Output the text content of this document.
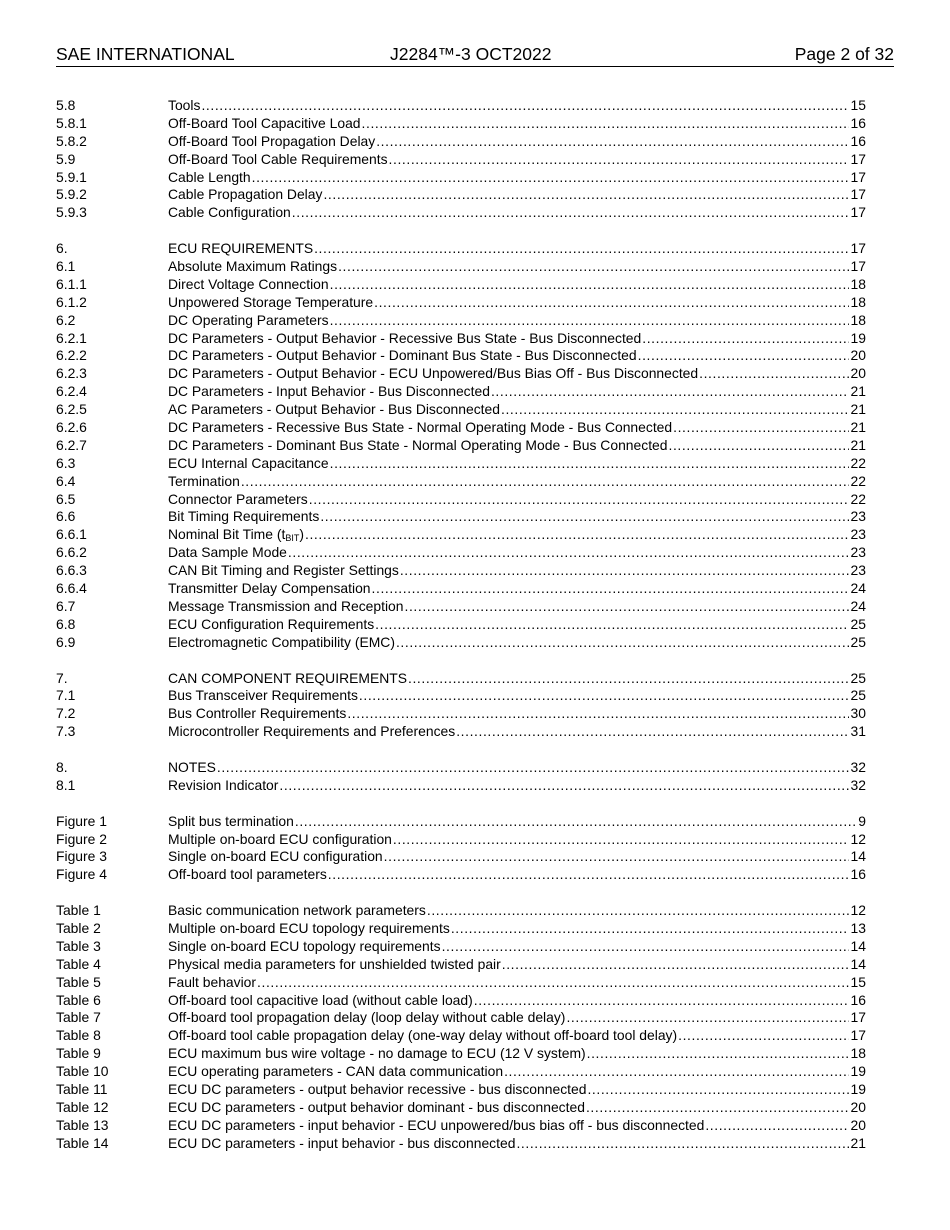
SAE INTERNATIONAL	J2284™-3 OCT2022	Page 2 of 32
5.8	Tools .....	15
5.8.1	Off-Board Tool Capacitive Load .....	16
5.8.2	Off-Board Tool Propagation Delay .....	16
5.9	Off-Board Tool Cable Requirements .....	17
5.9.1	Cable Length .....	17
5.9.2	Cable Propagation Delay .....	17
5.9.3	Cable Configuration .....	17
6.	ECU REQUIREMENTS .....	17
6.1	Absolute Maximum Ratings .....	17
6.1.1	Direct Voltage Connection .....	18
6.1.2	Unpowered Storage Temperature .....	18
6.2	DC Operating Parameters .....	18
6.2.1	DC Parameters - Output Behavior - Recessive Bus State - Bus Disconnected .....	19
6.2.2	DC Parameters - Output Behavior - Dominant Bus State - Bus Disconnected .....	20
6.2.3	DC Parameters - Output Behavior - ECU Unpowered/Bus Bias Off - Bus Disconnected .....	20
6.2.4	DC Parameters - Input Behavior - Bus Disconnected .....	21
6.2.5	AC Parameters - Output Behavior - Bus Disconnected .....	21
6.2.6	DC Parameters - Recessive Bus State - Normal Operating Mode - Bus Connected .....	21
6.2.7	DC Parameters - Dominant Bus State - Normal Operating Mode - Bus Connected .....	21
6.3	ECU Internal Capacitance .....	22
6.4	Termination .....	22
6.5	Connector Parameters .....	22
6.6	Bit Timing Requirements .....	23
6.6.1	Nominal Bit Time $(t_{BIT})$ .....	23
6.6.2	Data Sample Mode .....	23
6.6.3	CAN Bit Timing and Register Settings .....	23
6.6.4	Transmitter Delay Compensation .....	24
6.7	Message Transmission and Reception .....	24
6.8	ECU Configuration Requirements .....	25
6.9	Electromagnetic Compatibility (EMC) .....	25
7.	CAN COMPONENT REQUIREMENTS .....	25
7.1	Bus Transceiver Requirements .....	25
7.2	Bus Controller Requirements .....	30
7.3	Microcontroller Requirements and Preferences .....	31
8.	NOTES .....	32
8.1	Revision Indicator .....	32
Figure 1	Split bus termination .....	9
Figure 2	Multiple on-board ECU configuration .....	12
Figure 3	Single on-board ECU configuration .....	14
Figure 4	Off-board tool parameters .....	16
Table 1	Basic communication network parameters .....	12
Table 2	Multiple on-board ECU topology requirements .....	13
Table 3	Single on-board ECU topology requirements .....	14
Table 4	Physical media parameters for unshielded twisted pair .....	14
Table 5	Fault behavior .....	15
Table 6	Off-board tool capacitive load (without cable load) .....	16
Table 7	Off-board tool propagation delay (loop delay without cable delay) .....	17
Table 8	Off-board tool cable propagation delay (one-way delay without off-board tool delay) .....	17
Table 9	ECU maximum bus wire voltage - no damage to ECU (12 V system) .....	18
Table 10	ECU operating parameters - CAN data communication .....	19
Table 11	ECU DC parameters - output behavior recessive - bus disconnected .....	19
Table 12	ECU DC parameters - output behavior dominant - bus disconnected .....	20
Table 13	ECU DC parameters - input behavior - ECU unpowered/bus bias off - bus disconnected .....	20
Table 14	ECU DC parameters - input behavior - bus disconnected .....	21
